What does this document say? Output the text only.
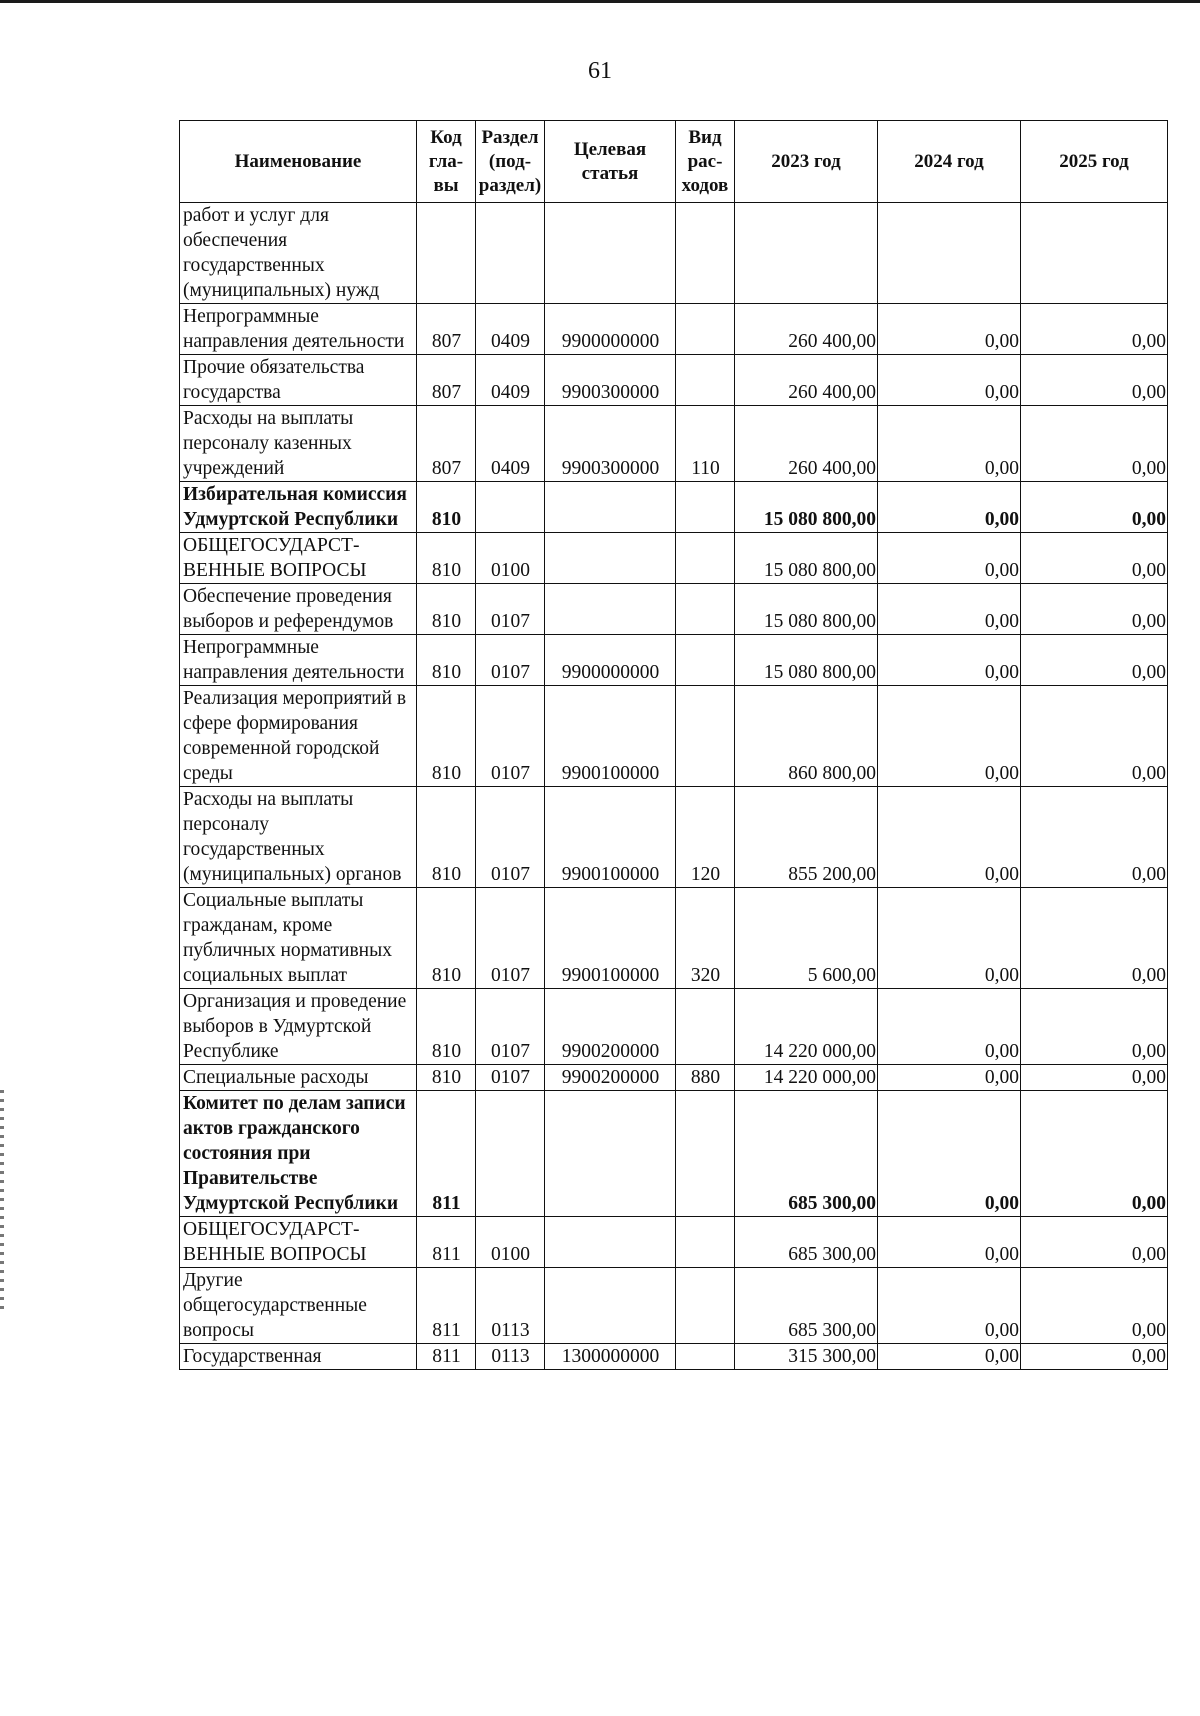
61
Наименование	Код гла-вы	Раздел (под-раздел)	Целевая статья	Вид рас-ходов	2023 год	2024 год	2025 год
работ и услуг для обеспечения государственных (муниципальных) нужд							
Непрограммные направления деятельности	807	0409	9900000000		260 400,00	0,00	0,00
Прочие обязательства государства	807	0409	9900300000		260 400,00	0,00	0,00
Расходы на выплаты персоналу казенных учреждений	807	0409	9900300000	110	260 400,00	0,00	0,00
Избирательная комиссия Удмуртской Республики	810				15 080 800,00	0,00	0,00
ОБЩЕГОСУДАРСТ-ВЕННЫЕ ВОПРОСЫ	810	0100			15 080 800,00	0,00	0,00
Обеспечение проведения выборов и референдумов	810	0107			15 080 800,00	0,00	0,00
Непрограммные направления деятельности	810	0107	9900000000		15 080 800,00	0,00	0,00
Реализация мероприятий в сфере формирования современной городской среды	810	0107	9900100000		860 800,00	0,00	0,00
Расходы на выплаты персоналу государственных (муниципальных) органов	810	0107	9900100000	120	855 200,00	0,00	0,00
Социальные выплаты гражданам, кроме публичных нормативных социальных выплат	810	0107	9900100000	320	5 600,00	0,00	0,00
Организация и проведение выборов в Удмуртской Республике	810	0107	9900200000		14 220 000,00	0,00	0,00
Специальные расходы	810	0107	9900200000	880	14 220 000,00	0,00	0,00
Комитет по делам записи актов гражданского состояния при Правительстве Удмуртской Республики	811				685 300,00	0,00	0,00
ОБЩЕГОСУДАРСТ-ВЕННЫЕ ВОПРОСЫ	811	0100			685 300,00	0,00	0,00
Другие общегосударственные вопросы	811	0113			685 300,00	0,00	0,00
Государственная	811	0113	1300000000		315 300,00	0,00	0,00
